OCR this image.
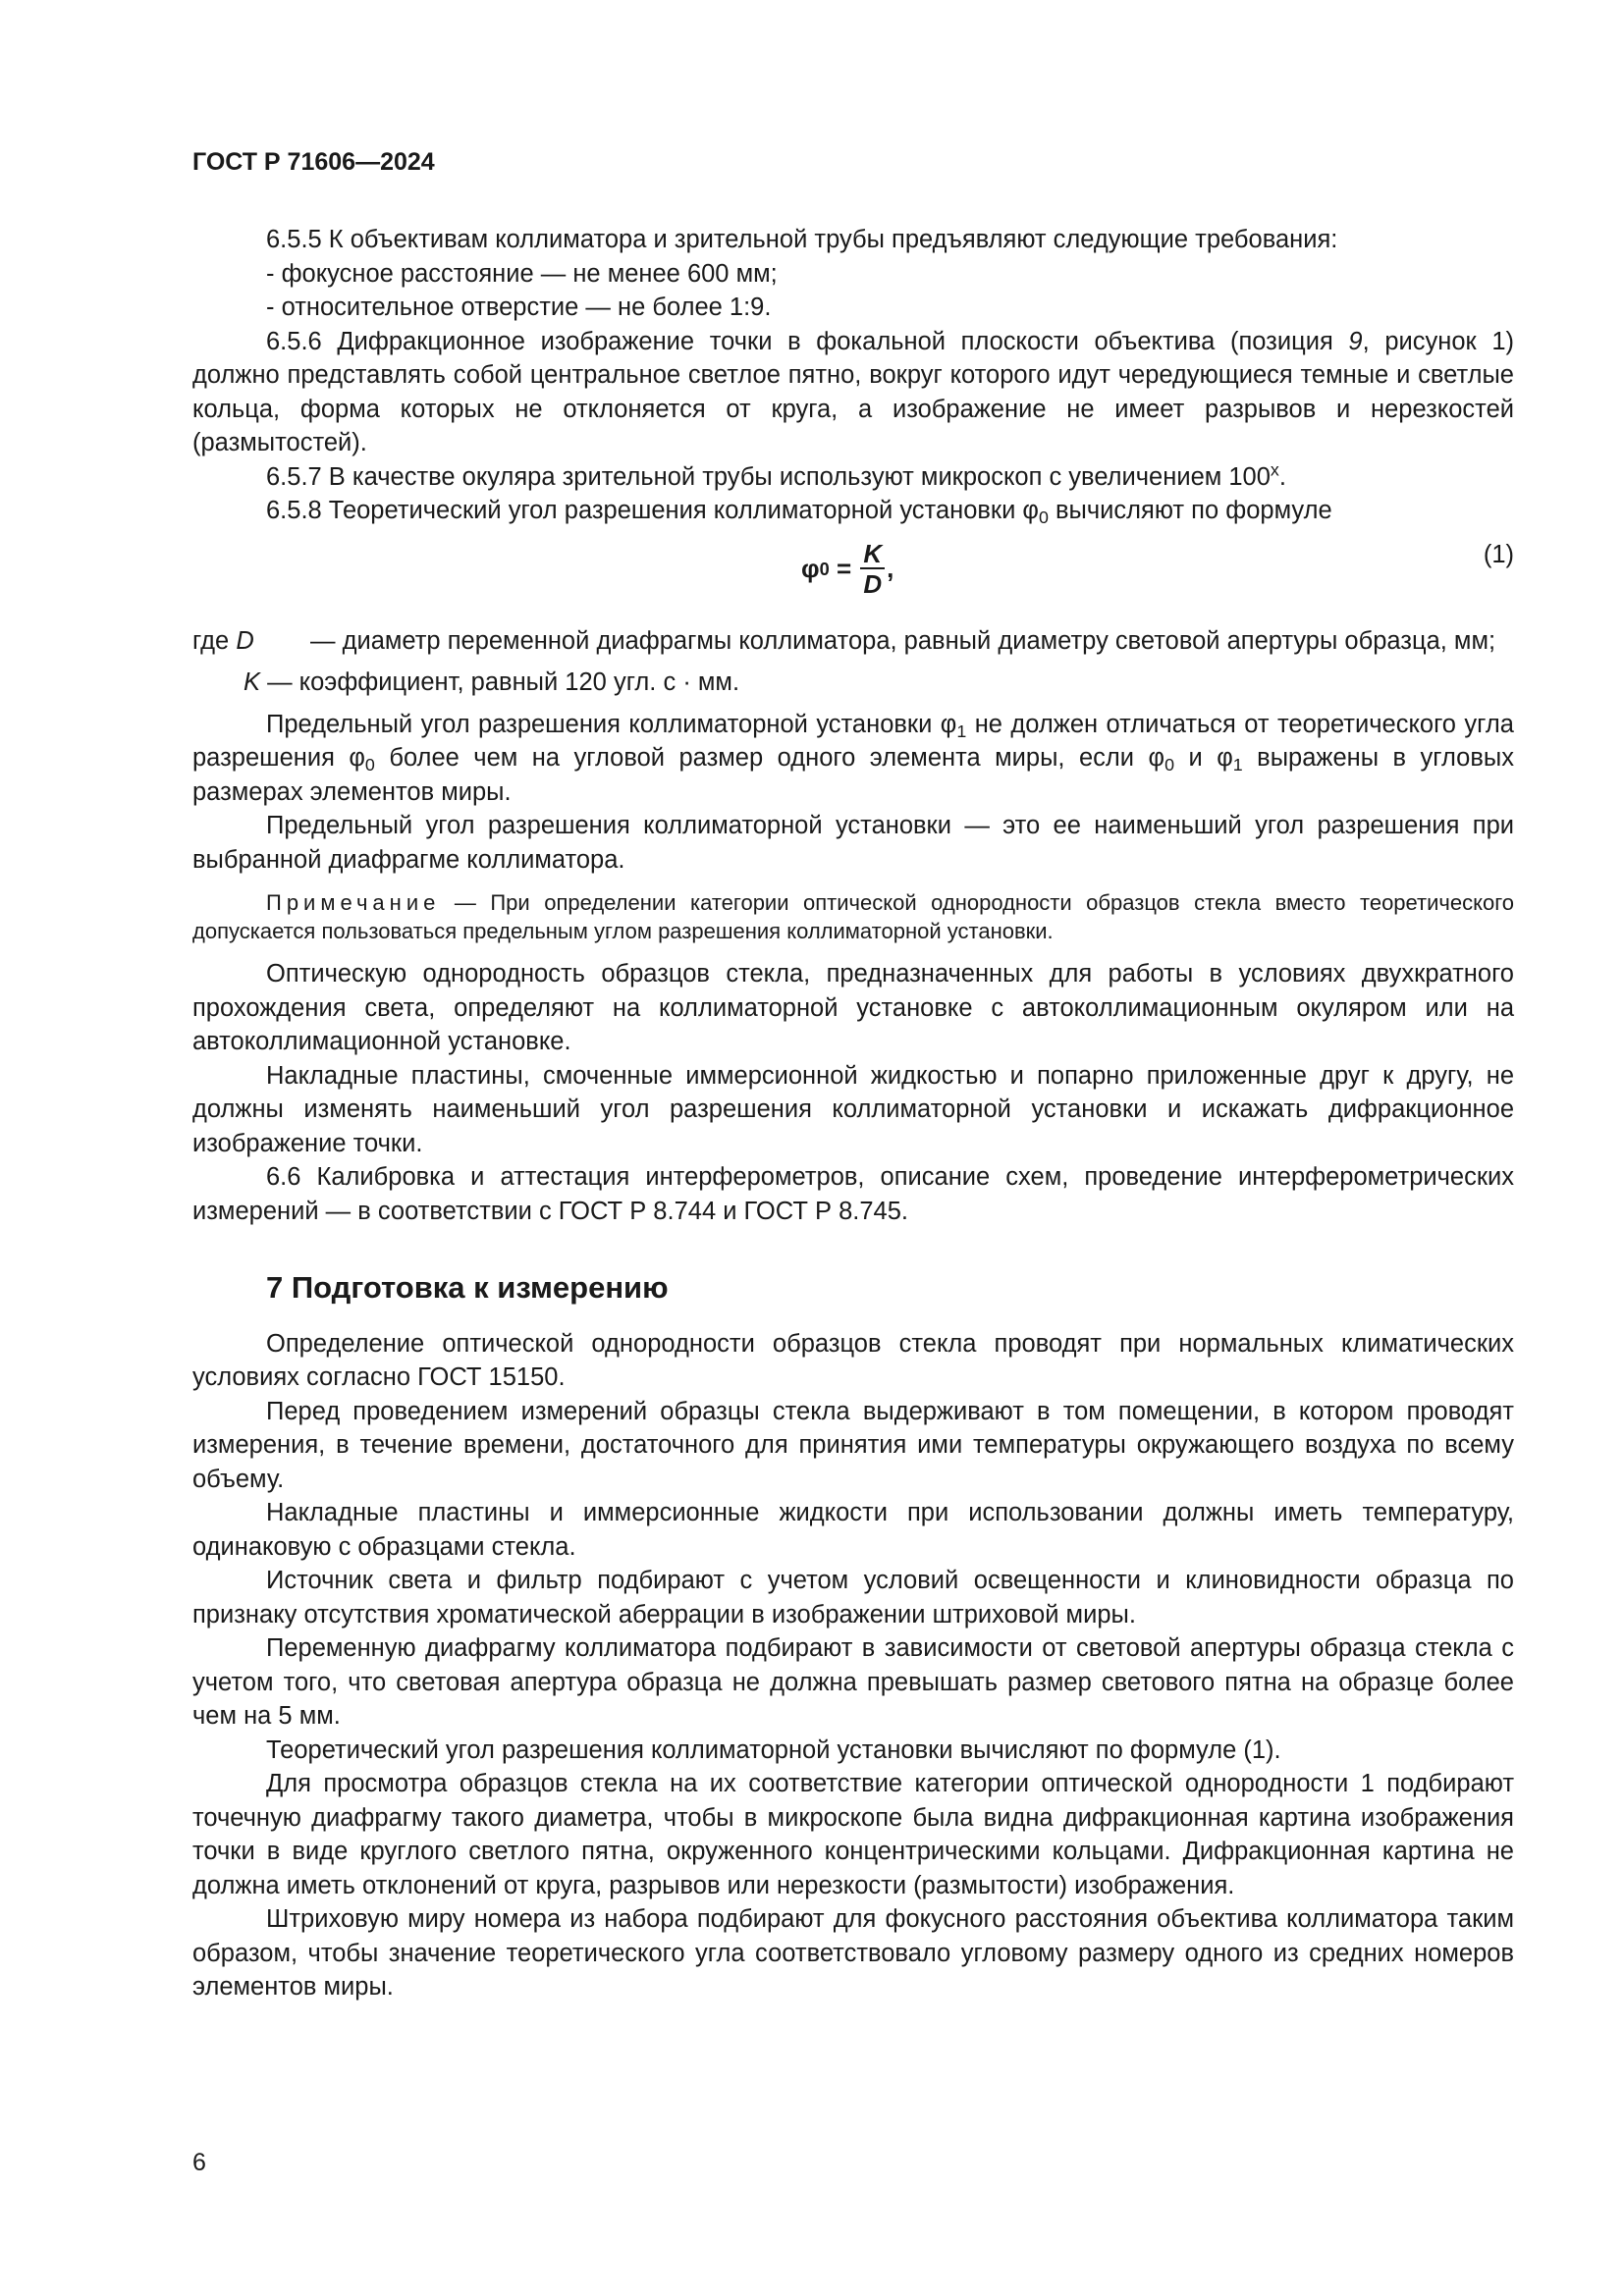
ГОСТ Р 71606—2024

6.5.5 К объективам коллиматора и зрительной трубы предъявляют следующие требования:

- фокусное расстояние — не менее 600 мм;

- относительное отверстие — не более 1:9.

6.5.6 Дифракционное изображение точки в фокальной плоскости объектива (позиция 9, рисунок 1) должно представлять собой центральное светлое пятно, вокруг которого идут чередующиеся темные и светлые кольца, форма которых не отклоняется от круга, а изображение не имеет разрывов и нерезкостей (размытостей).

6.5.7 В качестве окуляра зрительной трубы используют микроскоп с увеличением $100^х$.

6.5.8 Теоретический угол разрешения коллиматорной установки $\varphi_0$ вычисляют по формуле

φ $0 = \frac{K}{D}$ ,	(1)
где D	— диаметр переменной диафрагмы коллиматора, равный диаметру световой апертуры образца, мм;
K — коэффициент, равный 120 угл. с · мм.

Предельный угол разрешения коллиматорной установки $\varphi_1$ не должен отличаться от теоретического угла разрешения $\varphi_0$ более чем на угловой размер одного элемента миры, если $\varphi_0$ и $\varphi_1$ выражены в угловых размерах элементов миры.

Предельный угол разрешения коллиматорной установки — это ее наименьший угол разрешения при выбранной диафрагме коллиматора.

Примечание — При определении категории оптической однородности образцов стекла вместо теоретического допускается пользоваться предельным углом разрешения коллиматорной установки.

Оптическую однородность образцов стекла, предназначенных для работы в условиях двухкратного прохождения света, определяют на коллиматорной установке с автоколлимационным окуляром или на автоколлимационной установке.

Накладные пластины, смоченные иммерсионной жидкостью и попарно приложенные друг к другу, не должны изменять наименьший угол разрешения коллиматорной установки и искажать дифракционное изображение точки.

6.6 Калибровка и аттестация интерферометров, описание схем, проведение интерферометрических измерений — в соответствии с ГОСТ Р 8.744 и ГОСТ Р 8.745.

7 Подготовка к измерению

Определение оптической однородности образцов стекла проводят при нормальных климатических условиях согласно ГОСТ 15150.

Перед проведением измерений образцы стекла выдерживают в том помещении, в котором проводят измерения, в течение времени, достаточного для принятия ими температуры окружающего воздуха по всему объему.

Накладные пластины и иммерсионные жидкости при использовании должны иметь температуру, одинаковую с образцами стекла.

Источник света и фильтр подбирают с учетом условий освещенности и клиновидности образца по признаку отсутствия хроматической аберрации в изображении штриховой миры.

Переменную диафрагму коллиматора подбирают в зависимости от световой апертуры образца стекла с учетом того, что световая апертура образца не должна превышать размер светового пятна на образце более чем на 5 мм.

Теоретический угол разрешения коллиматорной установки вычисляют по формуле (1).

Для просмотра образцов стекла на их соответствие категории оптической однородности 1 подбирают точечную диафрагму такого диаметра, чтобы в микроскопе была видна дифракционная картина изображения точки в виде круглого светлого пятна, окруженного концентрическими кольцами. Дифракционная картина не должна иметь отклонений от круга, разрывов или нерезкости (размытости) изображения.

Штриховую миру номера из набора подбирают для фокусного расстояния объектива коллиматора таким образом, чтобы значение теоретического угла соответствовало угловому размеру одного из средних номеров элементов миры.

6
